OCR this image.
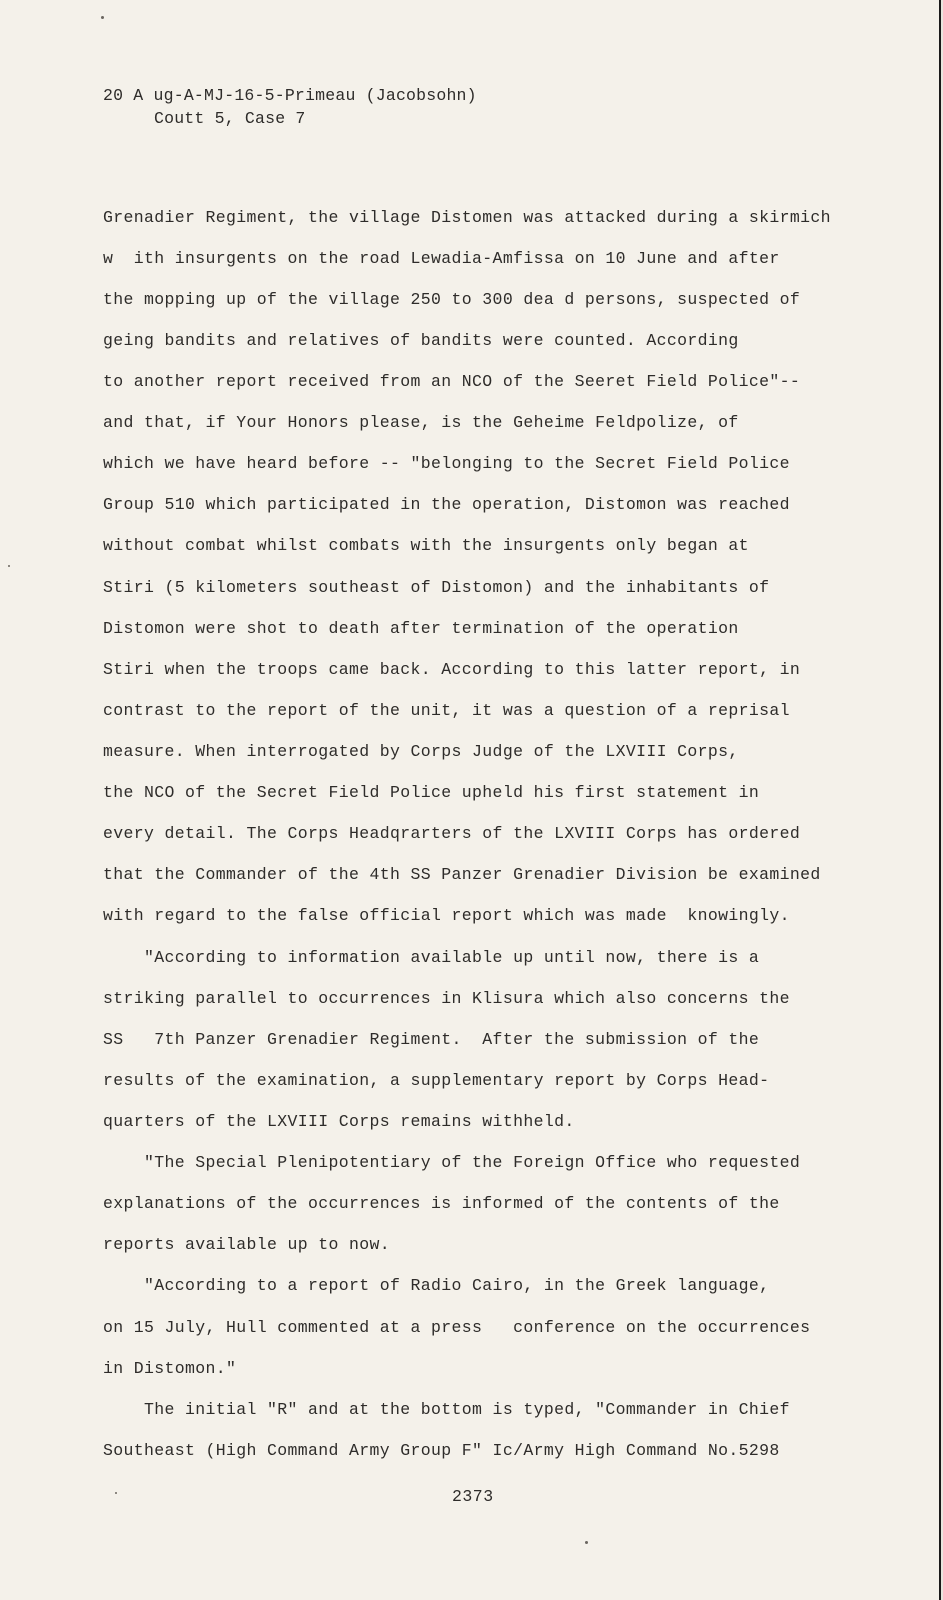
20 A ug-A-MJ-16-5-Primeau (Jacobsohn)
Coutt 5, Case 7
Grenadier Regiment, the village Distomen was attacked during a skirmich
w  ith insurgents on the road Lewadia-Amfissa on 10 June and after
the mopping up of the village 250 to 300 dea d persons, suspected of
geing bandits and relatives of bandits were counted. According
to another report received from an NCO of the Seeret Field Police"--
and that, if Your Honors please, is the Geheime Feldpolize, of
which we have heard before -- "belonging to the Secret Field Police
Group 510 which participated in the operation, Distomon was reached
without combat whilst combats with the insurgents only began at
Stiri (5 kilometers southeast of Distomon) and the inhabitants of
Distomon were shot to death after termination of the operation
Stiri when the troops came back. According to this latter report, in
contrast to the report of the unit, it was a question of a reprisal
measure. When interrogated by Corps Judge of the LXVIII Corps,
the NCO of the Secret Field Police upheld his first statement in
every detail. The Corps Headqrarters of the LXVIII Corps has ordered
that the Commander of the 4th SS Panzer Grenadier Division be examined
with regard to the false official report which was made  knowingly.
"According to information available up until now, there is a
striking parallel to occurrences in Klisura which also concerns the
SS   7th Panzer Grenadier Regiment.  After the submission of the
results of the examination, a supplementary report by Corps Head-
quarters of the LXVIII Corps remains withheld.
"The Special Plenipotentiary of the Foreign Office who requested
explanations of the occurrences is informed of the contents of the
reports available up to now.
"According to a report of Radio Cairo, in the Greek language,
on 15 July, Hull commented at a press   conference on the occurrences
in Distomon."
The initial "R" and at the bottom is typed, "Commander in Chief
Southeast (High Command Army Group F" Ic/Army High Command No.5298
2373
